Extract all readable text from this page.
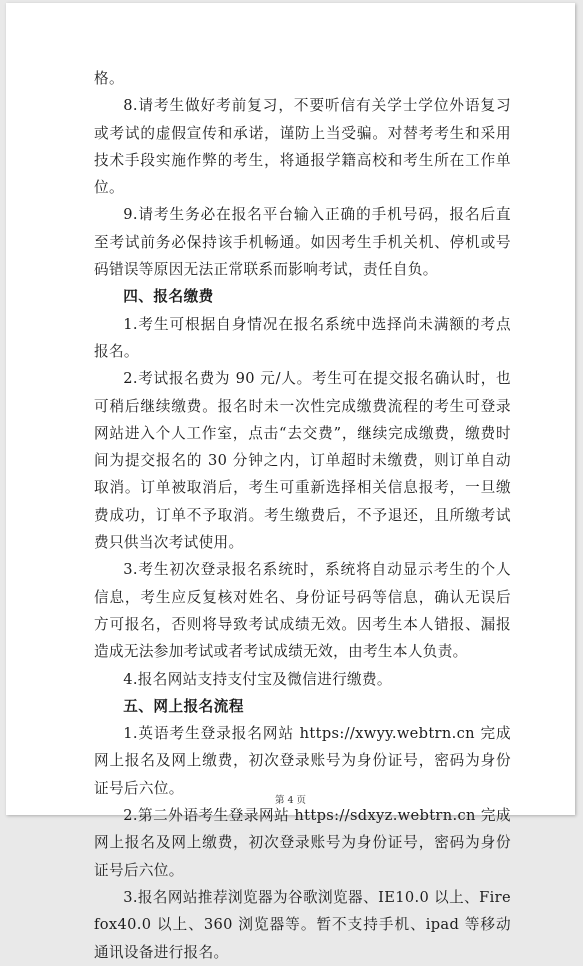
格。

8.请考生做好考前复习，不要听信有关学士学位外语复习或考试的虚假宣传和承诺，谨防上当受骗。对替考考生和采用技术手段实施作弊的考生，将通报学籍高校和考生所在工作单位。

9.请考生务必在报名平台输入正确的手机号码，报名后直至考试前务必保持该手机畅通。如因考生手机关机、停机或号码错误等原因无法正常联系而影响考试，责任自负。

四、报名缴费

1.考生可根据自身情况在报名系统中选择尚未满额的考点报名。

2.考试报名费为 90 元/人。考生可在提交报名确认时，也可稍后继续缴费。报名时未一次性完成缴费流程的考生可登录网站进入个人工作室，点击“去交费”，继续完成缴费，缴费时间为提交报名的 30 分钟之内，订单超时未缴费，则订单自动取消。订单被取消后，考生可重新选择相关信息报考，一旦缴费成功，订单不予取消。考生缴费后，不予退还，且所缴考试费只供当次考试使用。

3.考生初次登录报名系统时，系统将自动显示考生的个人信息，考生应反复核对姓名、身份证号码等信息，确认无误后方可报名，否则将导致考试成绩无效。因考生本人错报、漏报造成无法参加考试或者考试成绩无效，由考生本人负责。

4.报名网站支持支付宝及微信进行缴费。

五、网上报名流程

1.英语考生登录报名网站 https://xwyy.webtrn.cn 完成网上报名及网上缴费，初次登录账号为身份证号，密码为身份证号后六位。

2.第二外语考生登录网站 https://sdxyz.webtrn.cn 完成网上报名及网上缴费，初次登录账号为身份证号，密码为身份证号后六位。

3.报名网站推荐浏览器为谷歌浏览器、IE10.0 以上、Firefox40.0 以上、360 浏览器等。暂不支持手机、ipad 等移动通讯设备进行报名。

第 4 页
